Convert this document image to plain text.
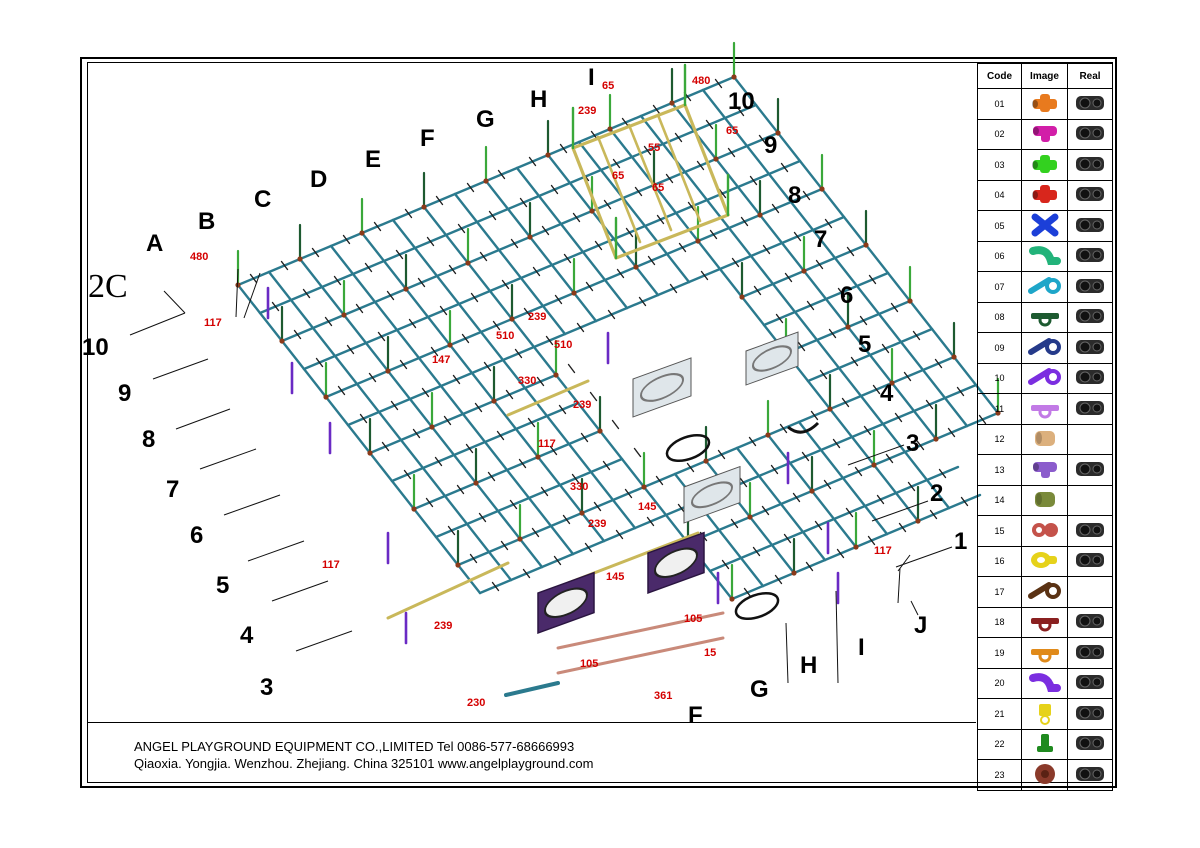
2C
A
B
C
D
E
F
G
H
I
10
9
8
7
6
5
4
3
2
1
10
9
8
7
6
5
4
3
F
G
H
I
J
480
480
65
65
65
65
239
55
117
147
510
510
239
330
239
117
330
117
239
145
145
117
239
105
15
105
361
230
Code	Image	Real
01		
02		
03		
04		
05		
06		
07		
08		
09		
10		
11		
12		
13		
14		
15		
16		
17		
18		
19		
20		
21		
22		
23		
ANGEL PLAYGROUND EQUIPMENT CO.,LIMITED Tel 0086-577-68666993
Qiaoxia. Yongjia. Wenzhou. Zhejiang. China 325101 www.angelplayground.com
